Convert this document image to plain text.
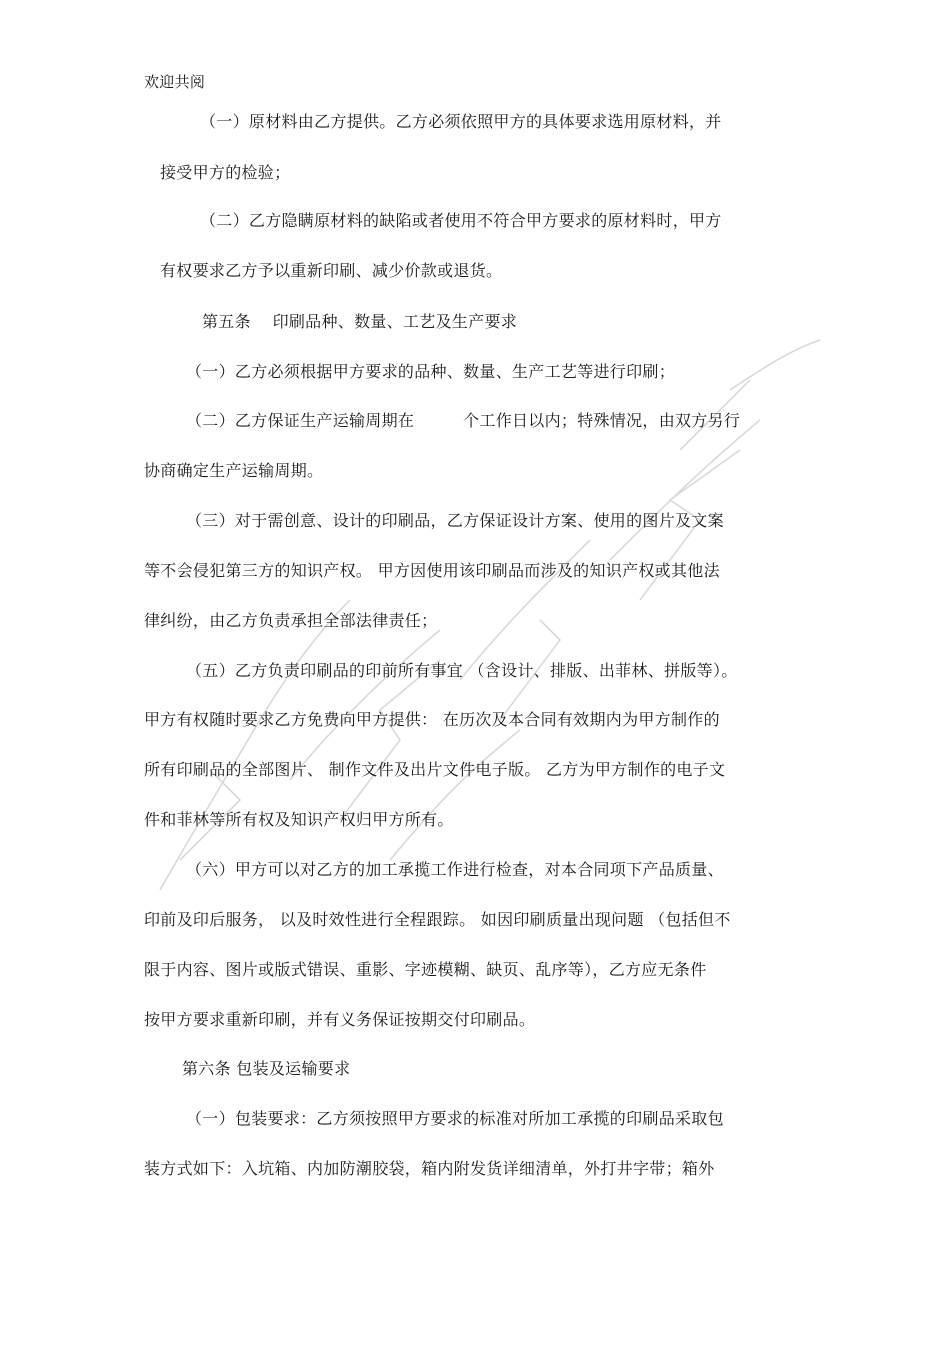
欢迎共阅
（一）原材料由乙方提供。乙方必须依照甲方的具体要求选用原材料，并
接受甲方的检验；
（二）乙方隐瞒原材料的缺陷或者使用不符合甲方要求的原材料时，甲方
有权要求乙方予以重新印刷、减少价款或退货。
第五条　 印刷品种、数量、工艺及生产要求
（一）乙方必须根据甲方要求的品种、数量、生产工艺等进行印刷；
（二）乙方保证生产运输周期在　　　个工作日以内；特殊情况，由双方另行
协商确定生产运输周期。
（三）对于需创意、设计的印刷品，乙方保证设计方案、使用的图片及文案
等不会侵犯第三方的知识产权。 甲方因使用该印刷品而涉及的知识产权或其他法
律纠纷，由乙方负责承担全部法律责任；
（五）乙方负责印刷品的印前所有事宜 （含设计、排版、出菲林、拼版等）。
甲方有权随时要求乙方免费向甲方提供： 在历次及本合同有效期内为甲方制作的
所有印刷品的全部图片、 制作文件及出片文件电子版。 乙方为甲方制作的电子文
件和菲林等所有权及知识产权归甲方所有。
（六）甲方可以对乙方的加工承揽工作进行检查，对本合同项下产品质量、
印前及印后服务， 以及时效性进行全程跟踪。 如因印刷质量出现问题 （包括但不
限于内容、图片或版式错误、重影、字迹模糊、缺页、乱序等），乙方应无条件
按甲方要求重新印刷，并有义务保证按期交付印刷品。
第六条 包装及运输要求
（一）包装要求：乙方须按照甲方要求的标准对所加工承揽的印刷品采取包
装方式如下：入坑箱、内加防潮胶袋，箱内附发货详细清单，外打井字带；箱外
